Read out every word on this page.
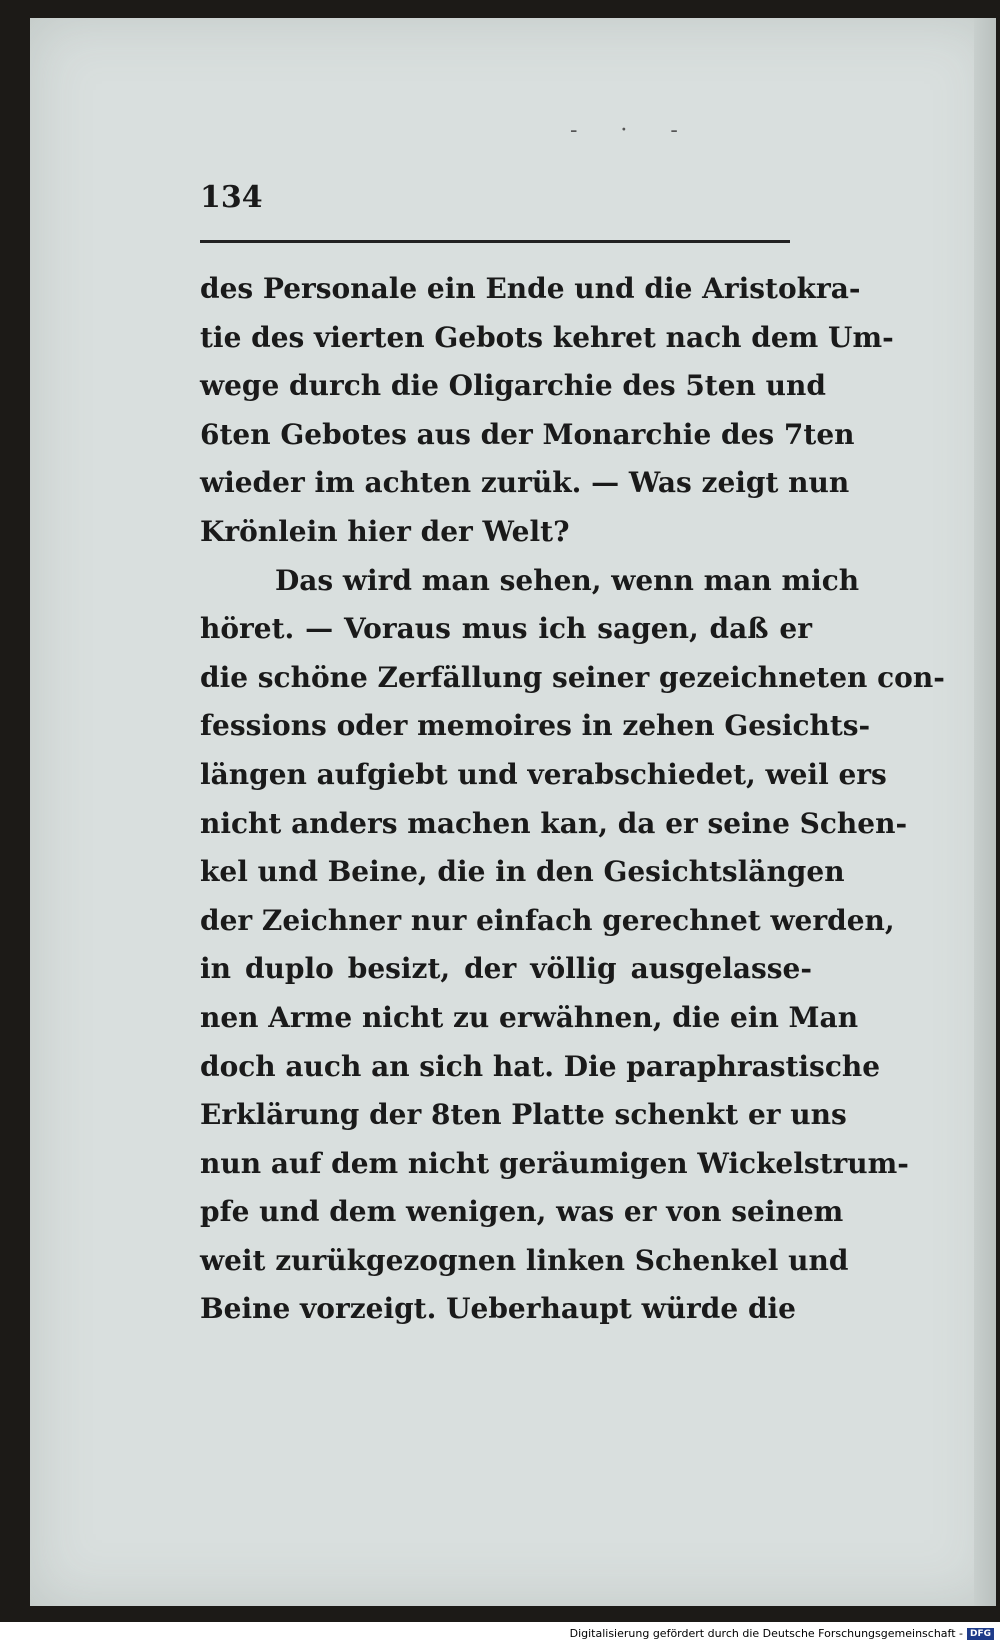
- · -
134
des Personale ein Ende und die Aristokra-
tie des vierten Gebots kehret nach dem Um-
wege durch die Oligarchie des 5ten und
6ten Gebotes aus der Monarchie des 7ten
wieder im achten zurük. — Was zeigt nun
Krönlein hier der Welt?
Das wird man sehen, wenn man mich
höret. — Voraus mus ich sagen, daß er
die schöne Zerfällung seiner gezeichneten con-
fessions oder memoires in zehen Gesichts-
längen aufgiebt und verabschiedet, weil ers
nicht anders machen kan, da er seine Schen-
kel und Beine, die in den Gesichtslängen
der Zeichner nur einfach gerechnet werden,
in duplo besizt, der völlig ausgelasse-
nen Arme nicht zu erwähnen, die ein Man
doch auch an sich hat. Die paraphrastische
Erklärung der 8ten Platte schenkt er uns
nun auf dem nicht geräumigen Wickelstrum-
pfe und dem wenigen, was er von seinem
weit zurükgezognen linken Schenkel und
Beine vorzeigt. Ueberhaupt würde die
Digitalisierung gefördert durch die Deutsche Forschungsgemeinschaft - DFG
